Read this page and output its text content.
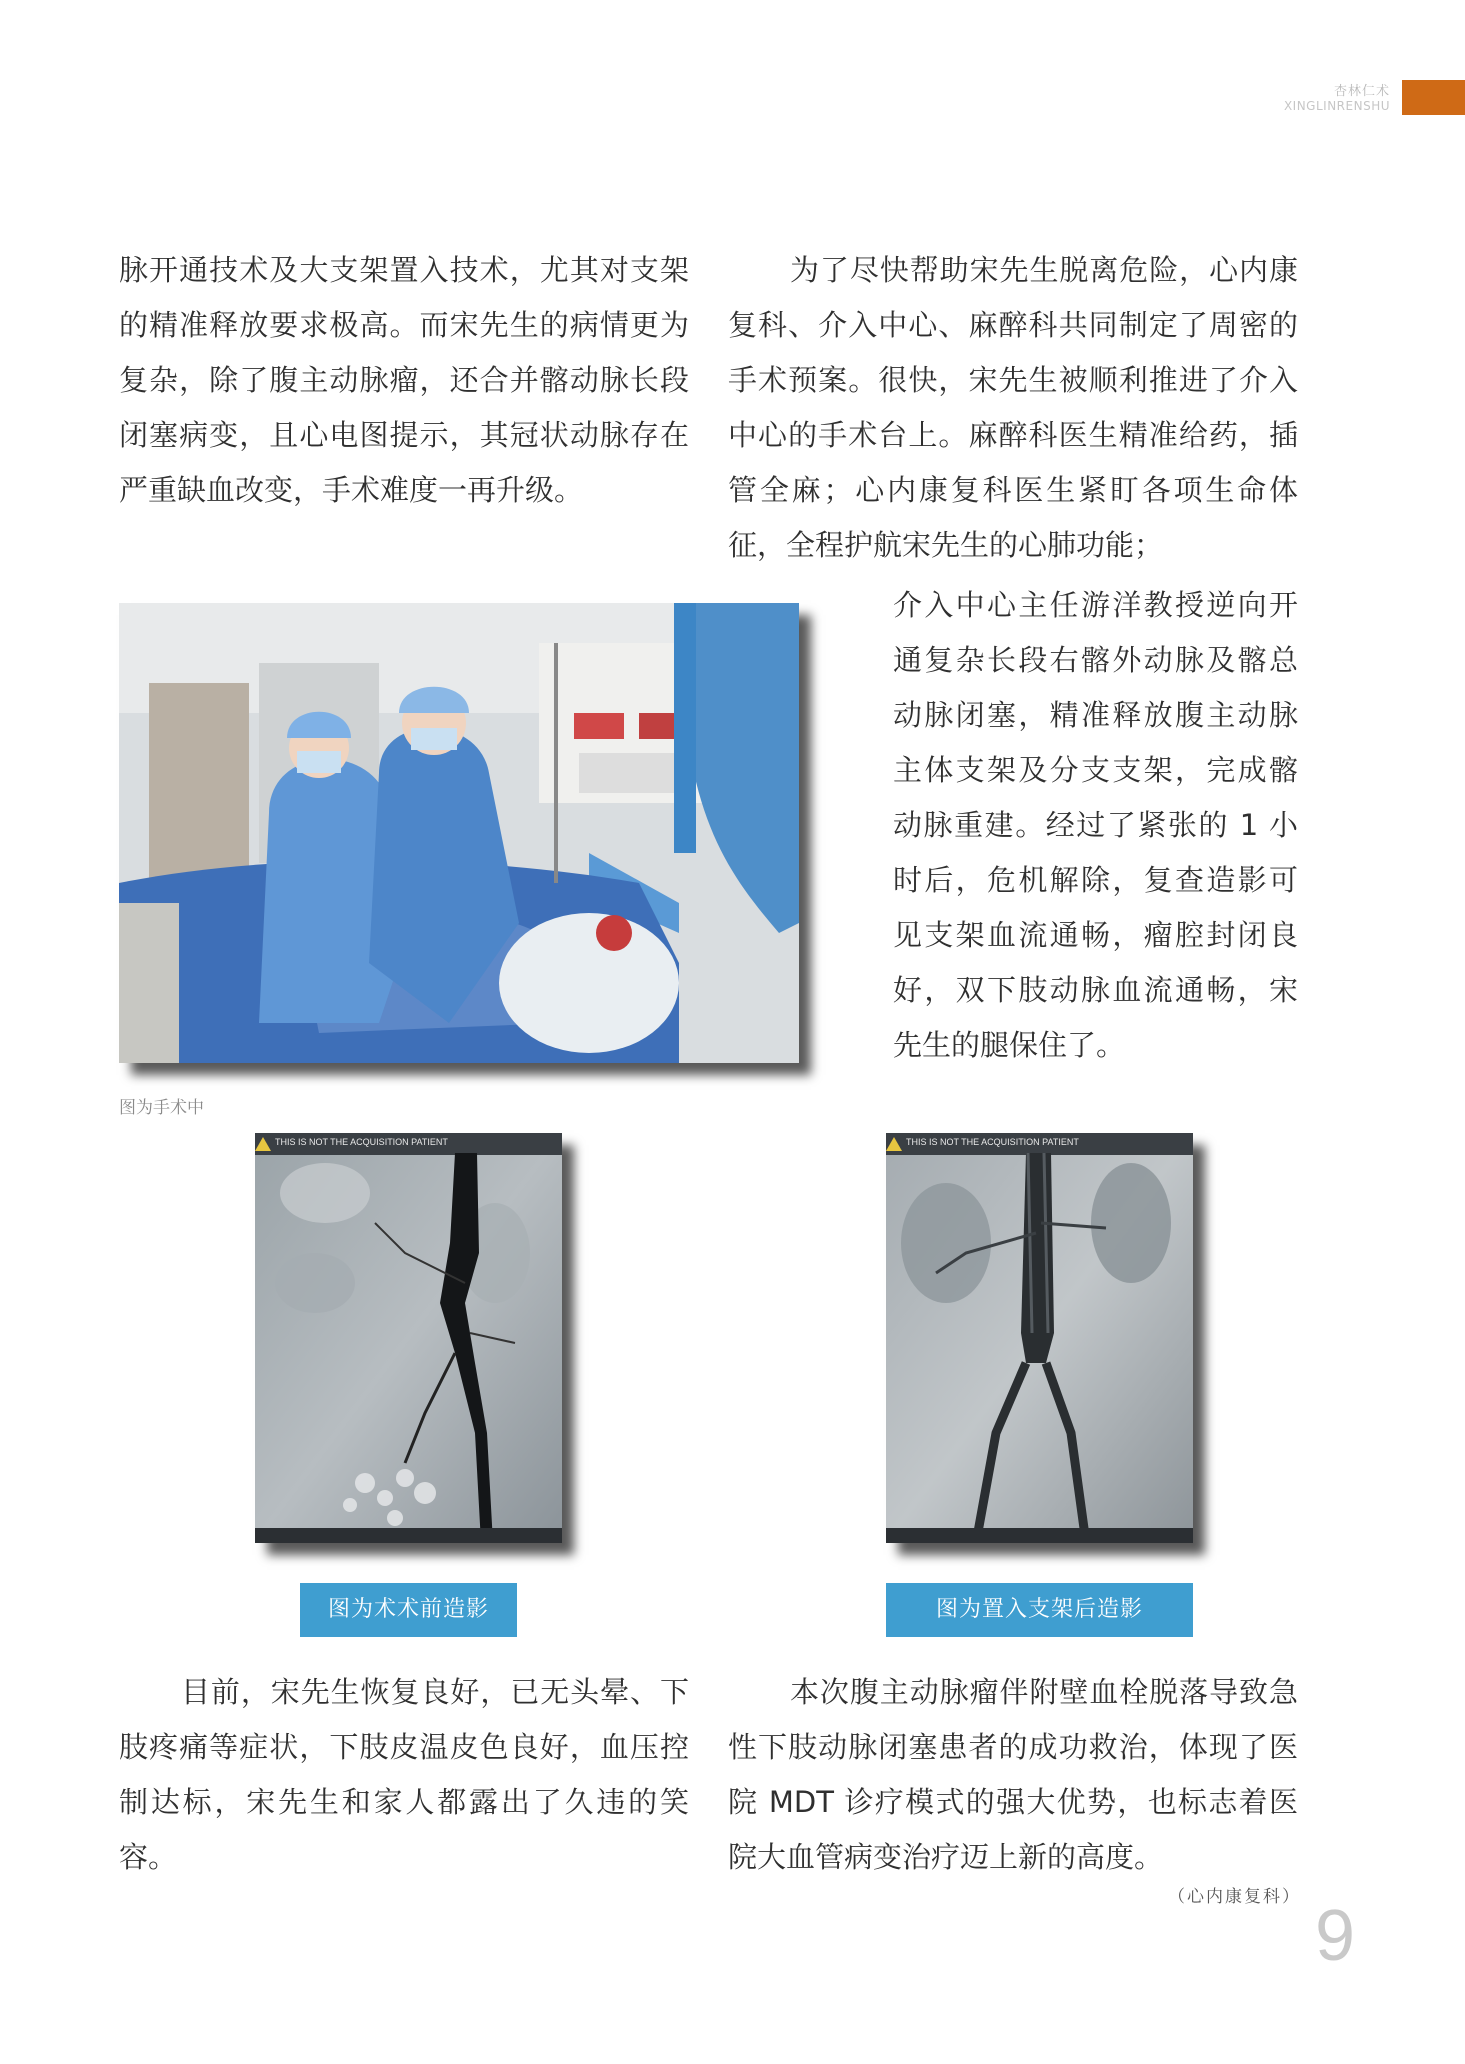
杏林仁术
XINGLINRENSHU

脉开通技术及大支架置入技术，尤其对支架的精准释放要求极高。而宋先生的病情更为复杂，除了腹主动脉瘤，还合并髂动脉长段闭塞病变，且心电图提示，其冠状动脉存在严重缺血改变，手术难度一再升级。

为了尽快帮助宋先生脱离危险，心内康复科、介入中心、麻醉科共同制定了周密的手术预案。很快，宋先生被顺利推进了介入中心的手术台上。麻醉科医生精准给药，插管全麻；心内康复科医生紧盯各项生命体征，全程护航宋先生的心肺功能；

介入中心主任游洋教授逆向开通复杂长段右髂外动脉及髂总动脉闭塞，精准释放腹主动脉主体支架及分支支架，完成髂动脉重建。经过了紧张的 1 小时后，危机解除，复查造影可见支架血流通畅，瘤腔封闭良好，双下肢动脉血流通畅，宋先生的腿保住了。

图为手术中
THIS IS NOT THE ACQUISITION PATIENT
图为术术前造影
THIS IS NOT THE ACQUISITION PATIENT
图为置入支架后造影

目前，宋先生恢复良好，已无头晕、下肢疼痛等症状，下肢皮温皮色良好，血压控制达标，宋先生和家人都露出了久违的笑容。

本次腹主动脉瘤伴附壁血栓脱落导致急性下肢动脉闭塞患者的成功救治，体现了医院 MDT 诊疗模式的强大优势，也标志着医院大血管病变治疗迈上新的高度。

（心内康复科） 9
